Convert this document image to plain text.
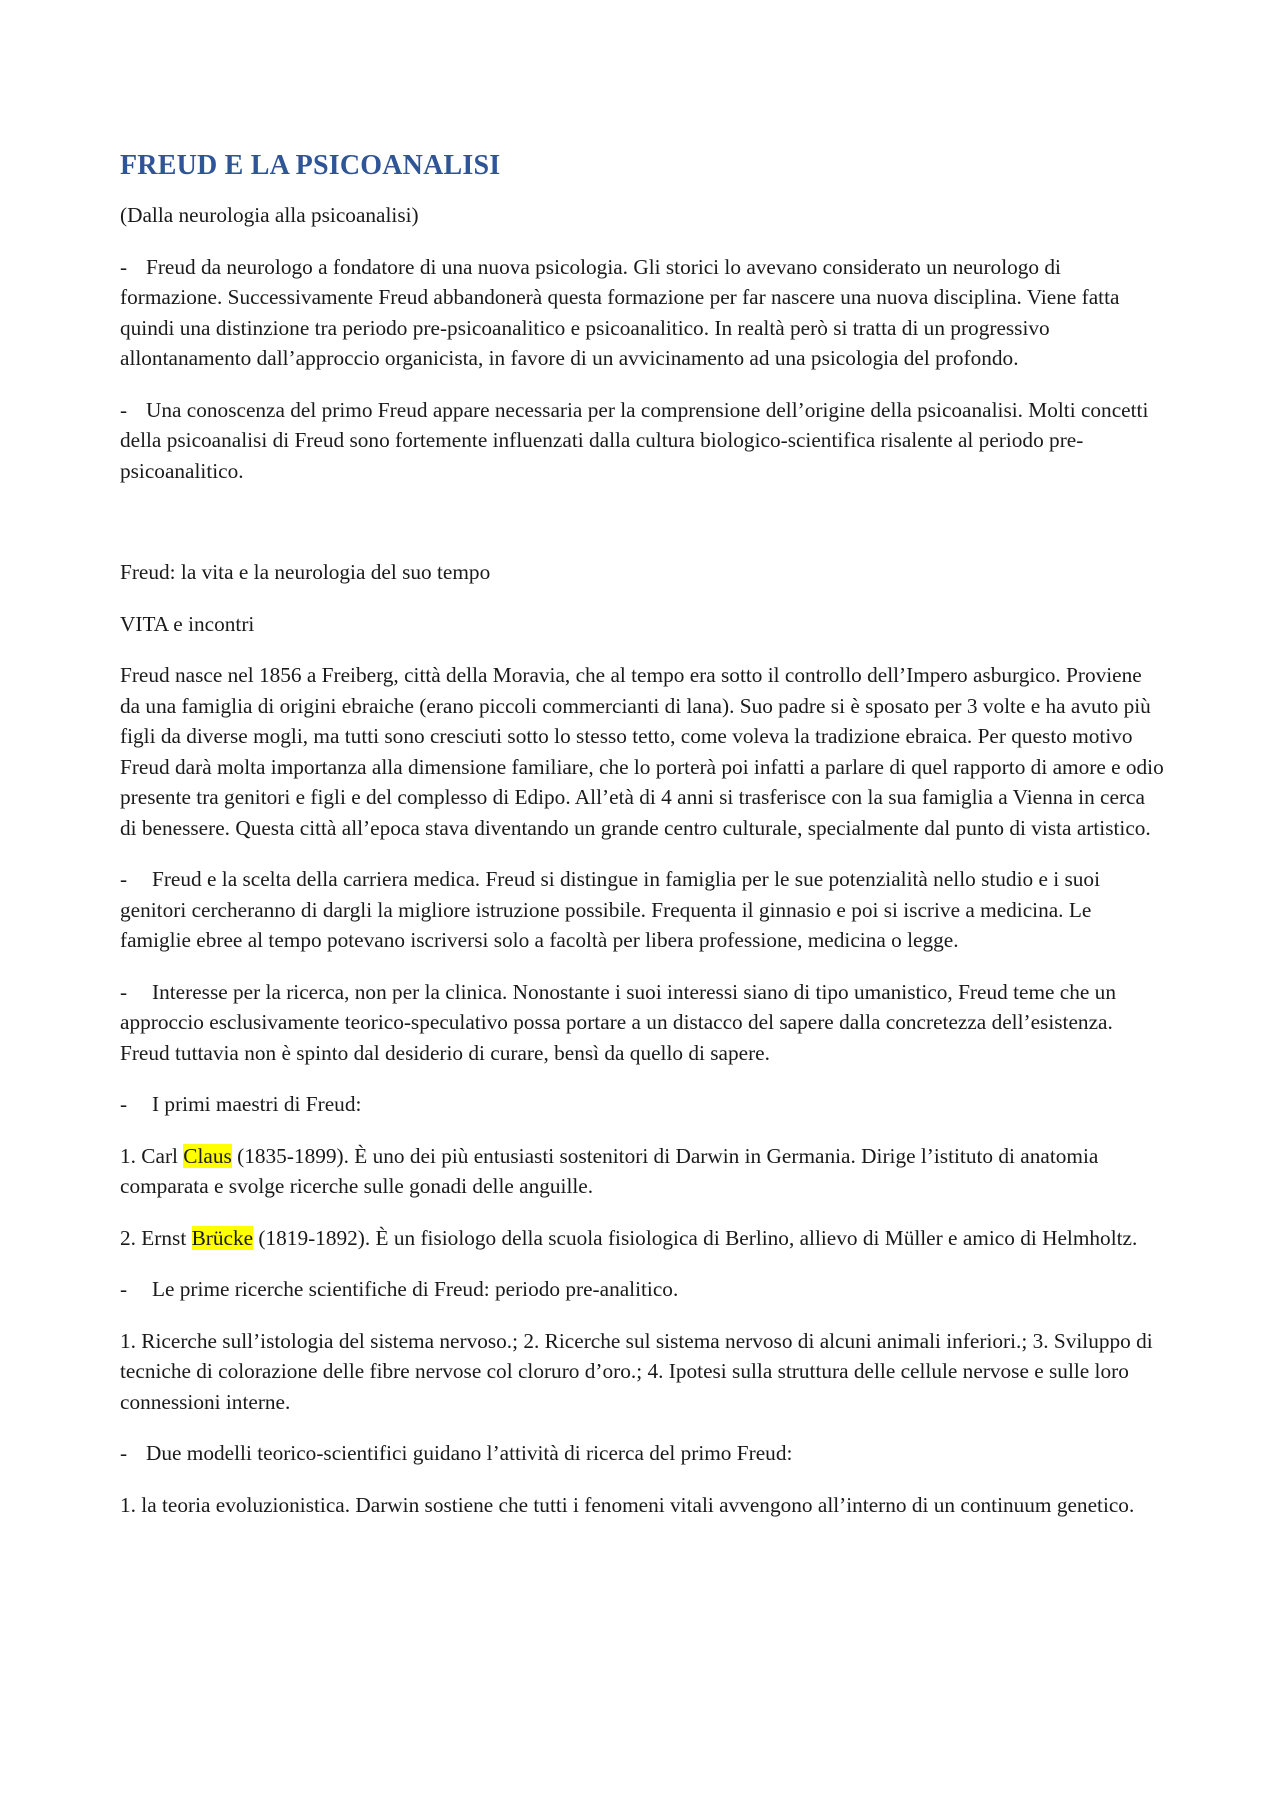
FREUD E LA PSICOANALISI

(Dalla neurologia alla psicoanalisi)

- Freud da neurologo a fondatore di una nuova psicologia. Gli storici lo avevano considerato un neurologo di formazione. Successivamente Freud abbandonerà questa formazione per far nascere una nuova disciplina. Viene fatta quindi una distinzione tra periodo pre-psicoanalitico e psicoanalitico. In realtà però si tratta di un progressivo allontanamento dall’approccio organicista, in favore di un avvicinamento ad una psicologia del profondo.

- Una conoscenza del primo Freud appare necessaria per la comprensione dell’origine della psicoanalisi. Molti concetti della psicoanalisi di Freud sono fortemente influenzati dalla cultura biologico-scientifica risalente al periodo pre-psicoanalitico.

Freud: la vita e la neurologia del suo tempo

VITA e incontri

Freud nasce nel 1856 a Freiberg, città della Moravia, che al tempo era sotto il controllo dell’Impero asburgico. Proviene da una famiglia di origini ebraiche (erano piccoli commercianti di lana). Suo padre si è sposato per 3 volte e ha avuto più figli da diverse mogli, ma tutti sono cresciuti sotto lo stesso tetto, come voleva la tradizione ebraica. Per questo motivo Freud darà molta importanza alla dimensione familiare, che lo porterà poi infatti a parlare di quel rapporto di amore e odio presente tra genitori e figli e del complesso di Edipo. All’età di 4 anni si trasferisce con la sua famiglia a Vienna in cerca di benessere. Questa città all’epoca stava diventando un grande centro culturale, specialmente dal punto di vista artistico.

- Freud e la scelta della carriera medica. Freud si distingue in famiglia per le sue potenzialità nello studio e i suoi genitori cercheranno di dargli la migliore istruzione possibile. Frequenta il ginnasio e poi si iscrive a medicina. Le famiglie ebree al tempo potevano iscriversi solo a facoltà per libera professione, medicina o legge.

- Interesse per la ricerca, non per la clinica. Nonostante i suoi interessi siano di tipo umanistico, Freud teme che un approccio esclusivamente teorico-speculativo possa portare a un distacco del sapere dalla concretezza dell’esistenza. Freud tuttavia non è spinto dal desiderio di curare, bensì da quello di sapere.

- I primi maestri di Freud:

1. Carl Claus (1835-1899). È uno dei più entusiasti sostenitori di Darwin in Germania. Dirige l’istituto di anatomia comparata e svolge ricerche sulle gonadi delle anguille.

2. Ernst Brücke (1819-1892). È un fisiologo della scuola fisiologica di Berlino, allievo di Müller e amico di Helmholtz.

- Le prime ricerche scientifiche di Freud: periodo pre-analitico.

1. Ricerche sull’istologia del sistema nervoso.; 2. Ricerche sul sistema nervoso di alcuni animali inferiori.; 3. Sviluppo di tecniche di colorazione delle fibre nervose col cloruro d’oro.; 4. Ipotesi sulla struttura delle cellule nervose e sulle loro connessioni interne.

- Due modelli teorico-scientifici guidano l’attività di ricerca del primo Freud:

1. la teoria evoluzionistica. Darwin sostiene che tutti i fenomeni vitali avvengono all’interno di un continuum genetico.
